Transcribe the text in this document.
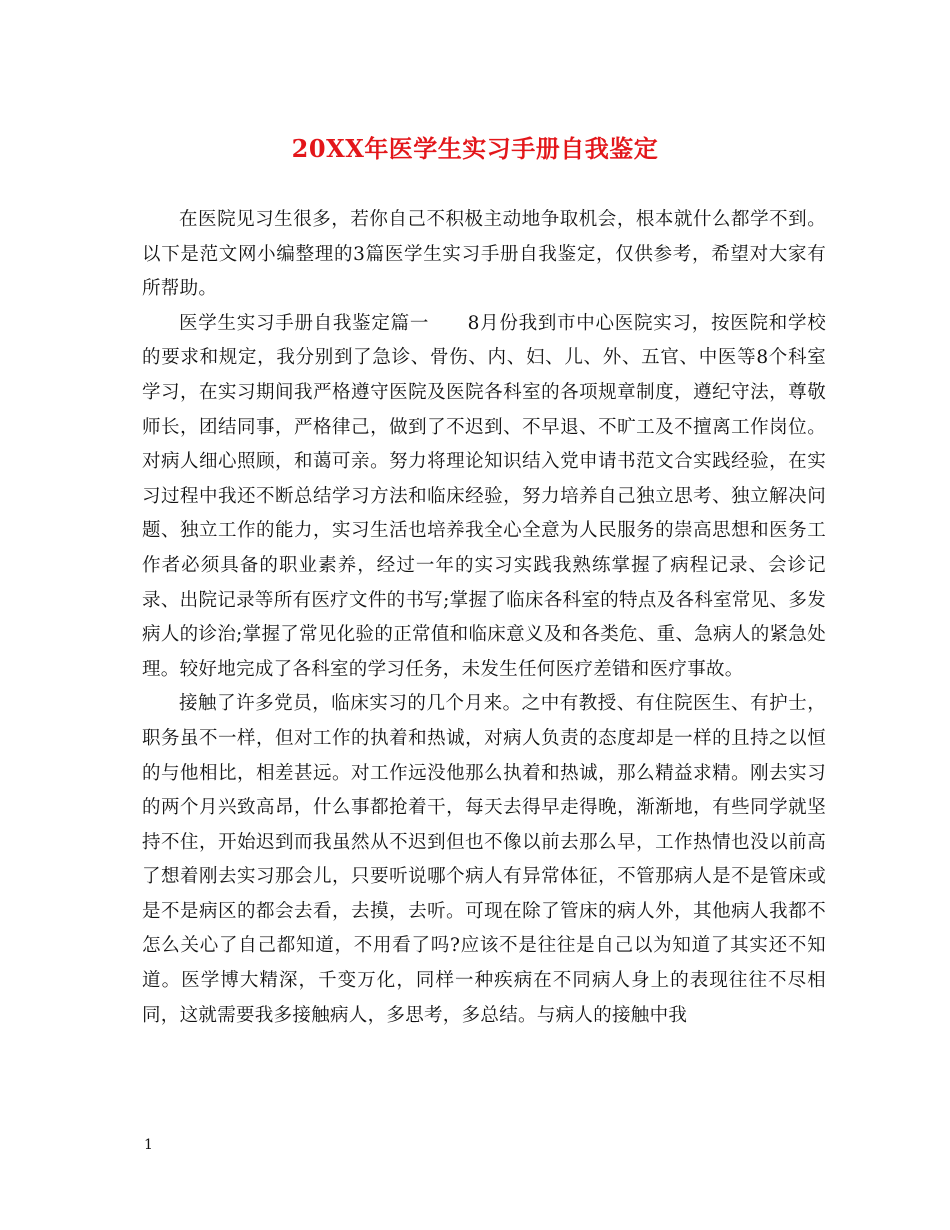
20XX年医学生实习手册自我鉴定

在医院见习生很多，若你自己不积极主动地争取机会，根本就什么都学不到。以下是范文网小编整理的3篇医学生实习手册自我鉴定，仅供参考，希望对大家有所帮助。

医学生实习手册自我鉴定篇一　　8月份我到市中心医院实习，按医院和学校的要求和规定，我分别到了急诊、骨伤、内、妇、儿、外、五官、中医等8个科室学习，在实习期间我严格遵守医院及医院各科室的各项规章制度，遵纪守法，尊敬师长，团结同事，严格律己，做到了不迟到、不早退、不旷工及不擅离工作岗位。对病人细心照顾，和蔼可亲。努力将理论知识结入党申请书范文合实践经验，在实习过程中我还不断总结学习方法和临床经验，努力培养自己独立思考、独立解决问题、独立工作的能力，实习生活也培养我全心全意为人民服务的崇高思想和医务工作者必须具备的职业素养，经过一年的实习实践我熟练掌握了病程记录、会诊记录、出院记录等所有医疗文件的书写;掌握了临床各科室的特点及各科室常见、多发病人的诊治;掌握了常见化验的正常值和临床意义及和各类危、重、急病人的紧急处理。较好地完成了各科室的学习任务，未发生任何医疗差错和医疗事故。

接触了许多党员，临床实习的几个月来。之中有教授、有住院医生、有护士，职务虽不一样，但对工作的执着和热诚，对病人负责的态度却是一样的且持之以恒的与他相比，相差甚远。对工作远没他那么执着和热诚，那么精益求精。刚去实习的两个月兴致高昂，什么事都抢着干，每天去得早走得晚，渐渐地，有些同学就坚持不住，开始迟到而我虽然从不迟到但也不像以前去那么早，工作热情也没以前高了想着刚去实习那会儿，只要听说哪个病人有异常体征，不管那病人是不是管床或是不是病区的都会去看，去摸，去听。可现在除了管床的病人外，其他病人我都不怎么关心了自己都知道，不用看了吗?应该不是往往是自己以为知道了其实还不知道。医学博大精深，千变万化，同样一种疾病在不同病人身上的表现往往不尽相同，这就需要我多接触病人，多思考，多总结。与病人的接触中我

1
